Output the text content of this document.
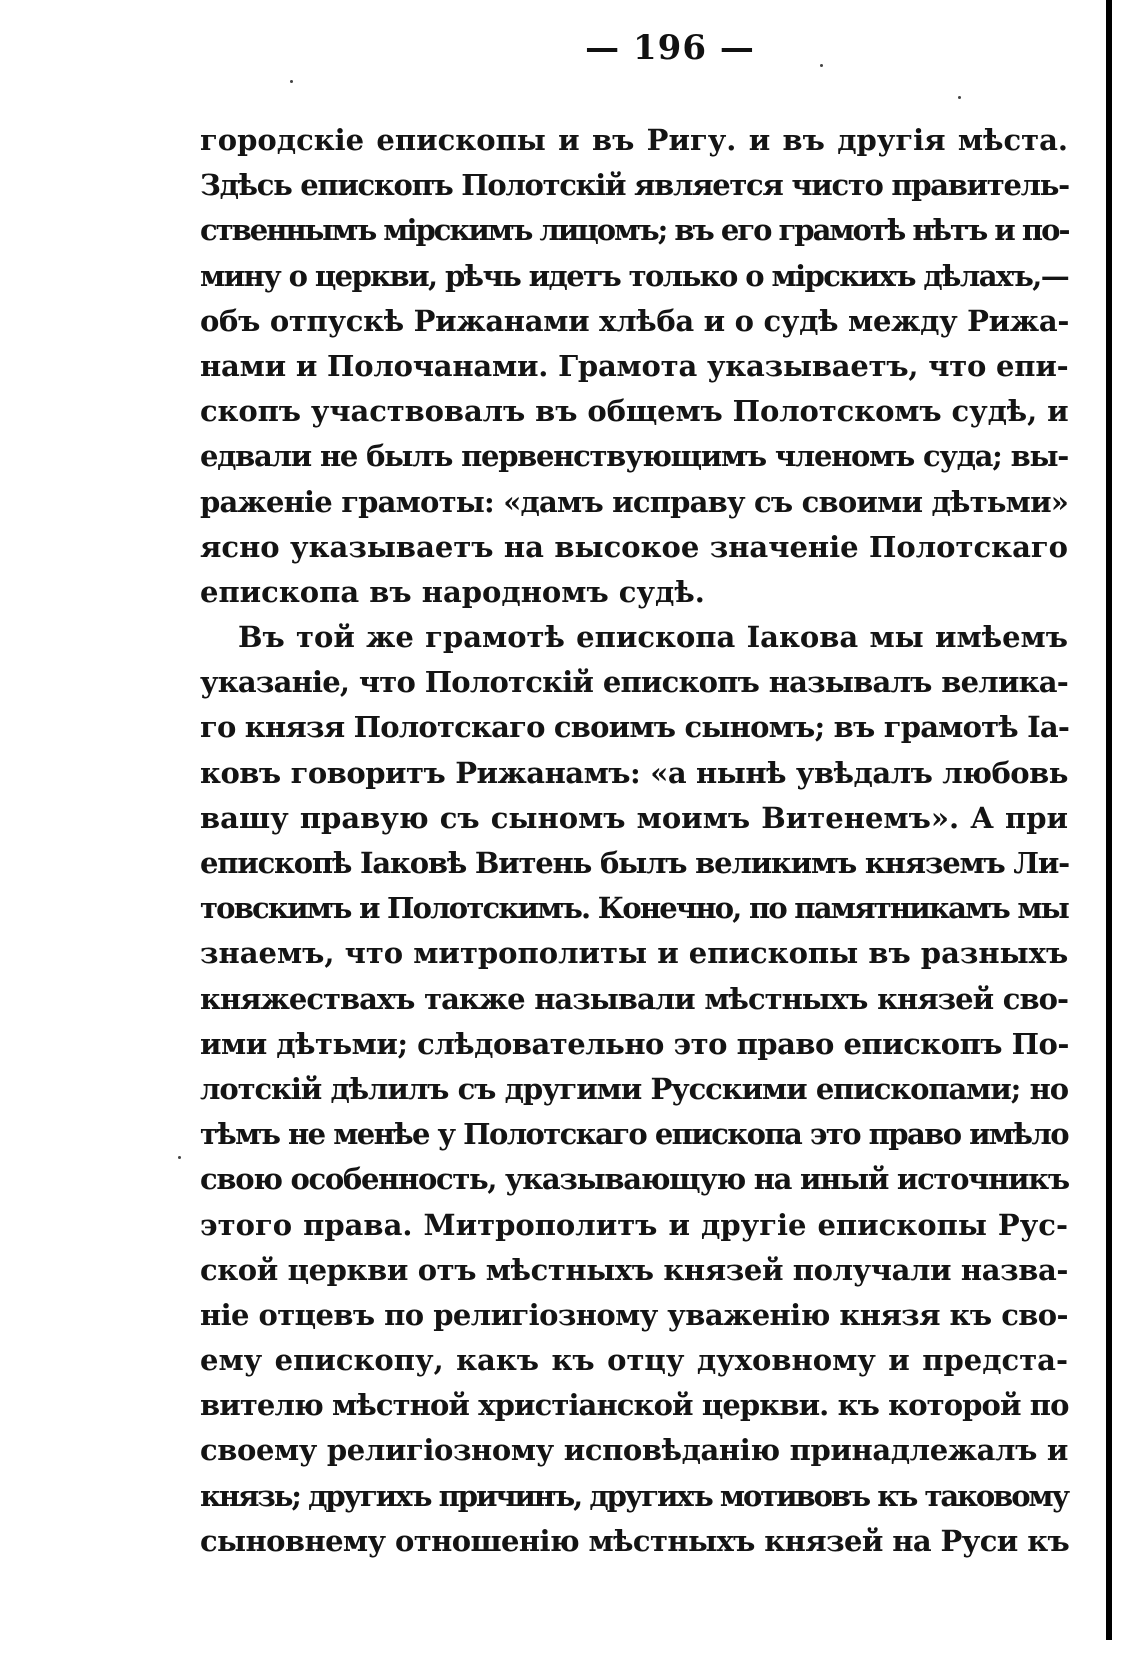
— 196 —
городскіе епископы и въ Ригу. и въ другія мѣста.
Здѣсь епископъ Полотскій является чисто правитель-
ственнымъ мірскимъ лицомъ; въ его грамотѣ нѣтъ и по-
мину о церкви, рѣчь идетъ только о мірскихъ дѣлахъ,—
объ отпускѣ Рижанами хлѣба и о судѣ между Рижа-
нами и Полочанами. Грамота указываетъ, что епи-
скопъ участвовалъ въ общемъ Полотскомъ судѣ, и
едвали не былъ первенствующимъ членомъ суда; вы-
раженіе грамоты: «дамъ исправу съ своими дѣтьми»
ясно указываетъ на высокое значеніе Полотскаго
епископа въ народномъ судѣ.
Въ той же грамотѣ епископа Іакова мы имѣемъ
указаніе, что Полотскій епископъ называлъ велика-
го князя Полотскаго своимъ сыномъ; въ грамотѣ Іа-
ковъ говоритъ Рижанамъ: «а нынѣ увѣдалъ любовь
вашу правую съ сыномъ моимъ Витенемъ». А при
епископѣ Іаковѣ Витень былъ великимъ княземъ Ли-
товскимъ и Полотскимъ. Конечно, по памятникамъ мы
знаемъ, что митрополиты и епископы въ разныхъ
княжествахъ также называли мѣстныхъ князей сво-
ими дѣтьми; слѣдовательно это право епископъ По-
лотскій дѣлилъ съ другими Русскими епископами; но
тѣмъ не менѣе у Полотскаго епископа это право имѣло
свою особенность, указывающую на иный источникъ
этого права. Митрополитъ и другіе епископы Рус-
ской церкви отъ мѣстныхъ князей получали назва-
ніе отцевъ по религіозному уваженію князя къ сво-
ему епископу, какъ къ отцу духовному и предста-
вителю мѣстной христіанской церкви. къ которой по
своему религіозному исповѣданію принадлежалъ и
князь; другихъ причинъ, другихъ мотивовъ къ таковому
сыновнему отношенію мѣстныхъ князей на Руси къ
